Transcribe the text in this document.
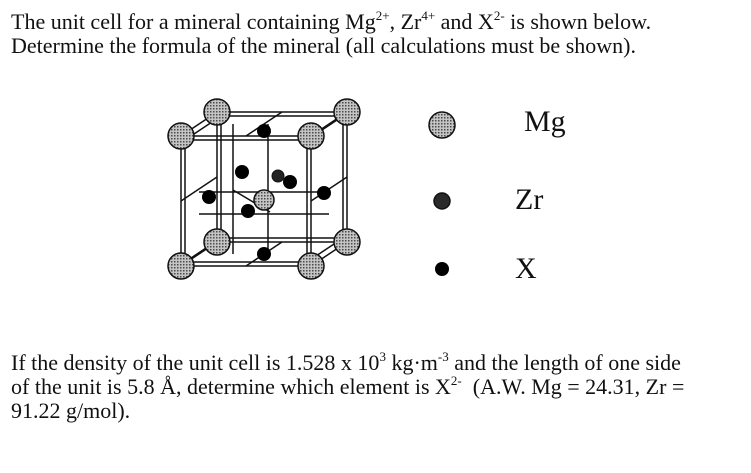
The unit cell for a mineral containing $Mg^{2+}$, $Zr^{4+}$ and $X^{2-}$ is shown below.
Determine the formula of the mineral (all calculations must be shown).
Mg
Zr
X
If the density of the unit cell is 1.528 x $10^3$ $kg\cdot m^{-3}$ and the length of one side
of the unit is 5.8 Å, determine which element is $X^{2-}$  (A.W. Mg = 24.31, Zr =
91.22 g/mol).
